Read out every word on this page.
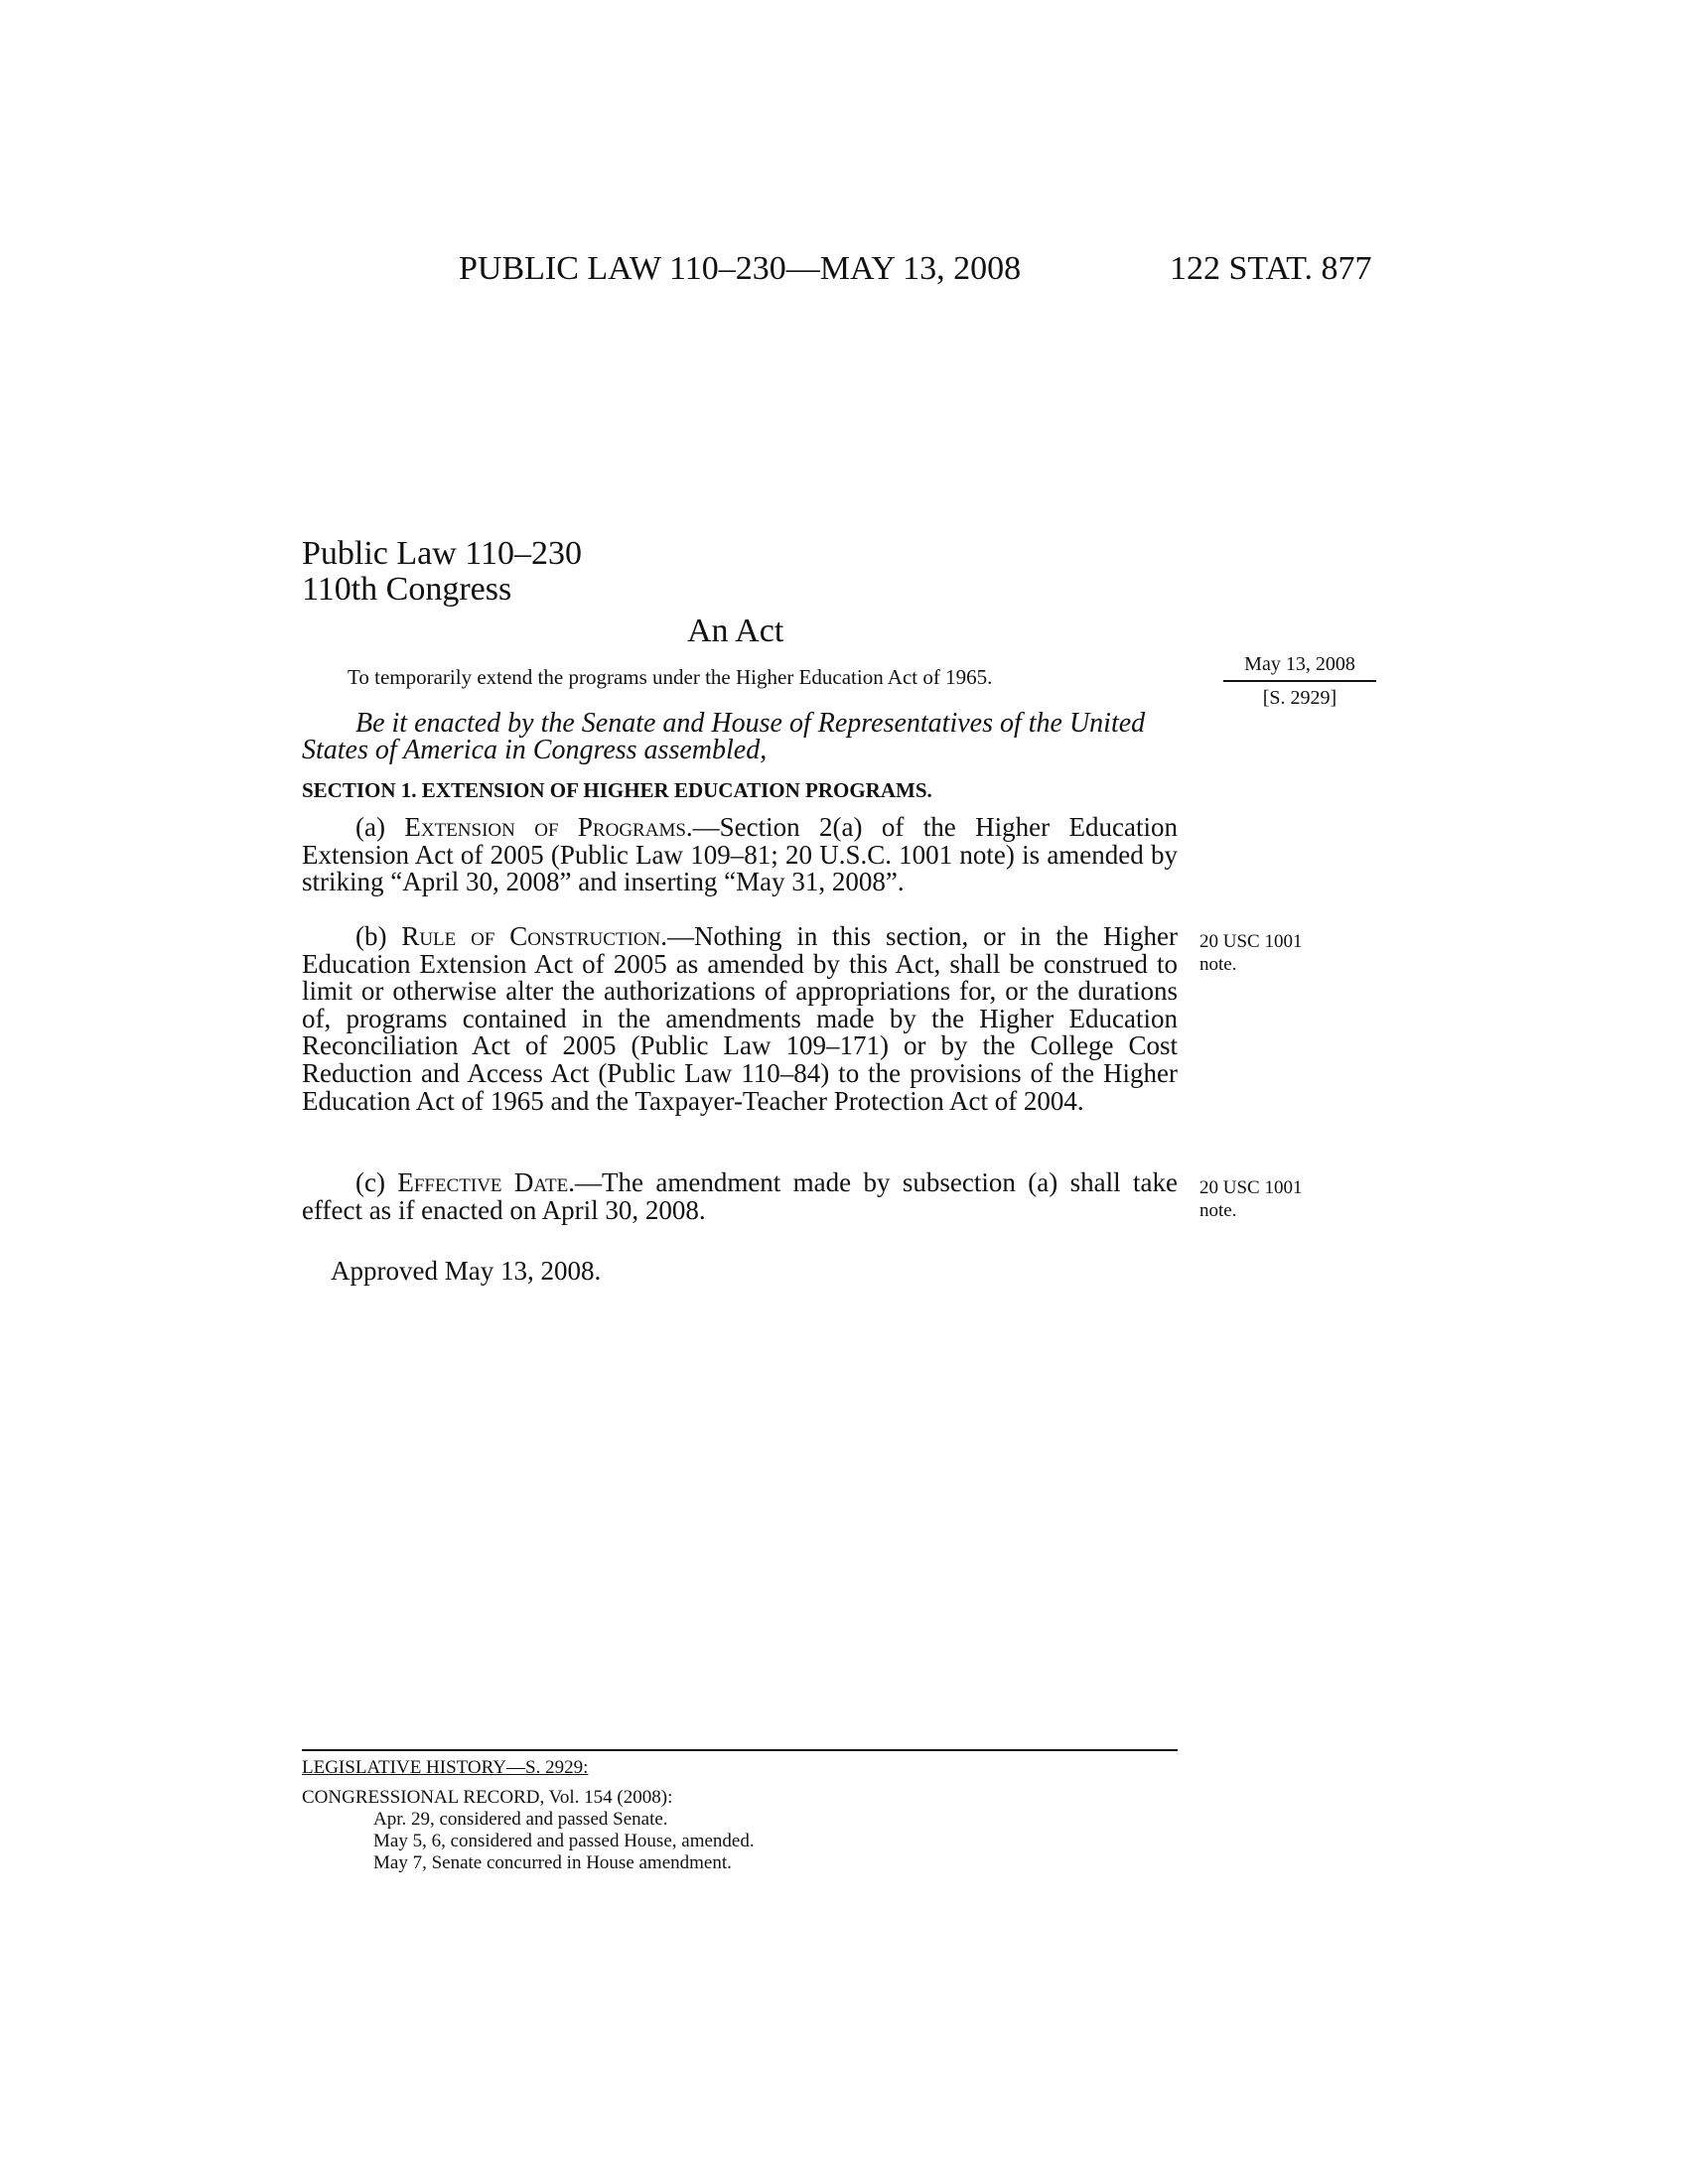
PUBLIC LAW 110–230—MAY 13, 2008	122 STAT. 877
Public Law 110–230
110th Congress
An Act
To temporarily extend the programs under the Higher Education Act of 1965.
May 13, 2008
[S. 2929]
Be it enacted by the Senate and House of Representatives of the United States of America in Congress assembled,
SECTION 1. EXTENSION OF HIGHER EDUCATION PROGRAMS.
(a) Extension of Programs.—Section 2(a) of the Higher Education Extension Act of 2005 (Public Law 109–81; 20 U.S.C. 1001 note) is amended by striking “April 30, 2008” and inserting “May 31, 2008”.
(b) Rule of Construction.—Nothing in this section, or in the Higher Education Extension Act of 2005 as amended by this Act, shall be construed to limit or otherwise alter the authorizations of appropriations for, or the durations of, programs contained in the amendments made by the Higher Education Reconciliation Act of 2005 (Public Law 109–171) or by the College Cost Reduction and Access Act (Public Law 110–84) to the provisions of the Higher Education Act of 1965 and the Taxpayer-Teacher Protection Act of 2004.
20 USC 1001
note.
(c) Effective Date.—The amendment made by subsection (a) shall take effect as if enacted on April 30, 2008.
20 USC 1001
note.
Approved May 13, 2008.
LEGISLATIVE HISTORY—S. 2929:
CONGRESSIONAL RECORD, Vol. 154 (2008):
Apr. 29, considered and passed Senate.
May 5, 6, considered and passed House, amended.
May 7, Senate concurred in House amendment.
